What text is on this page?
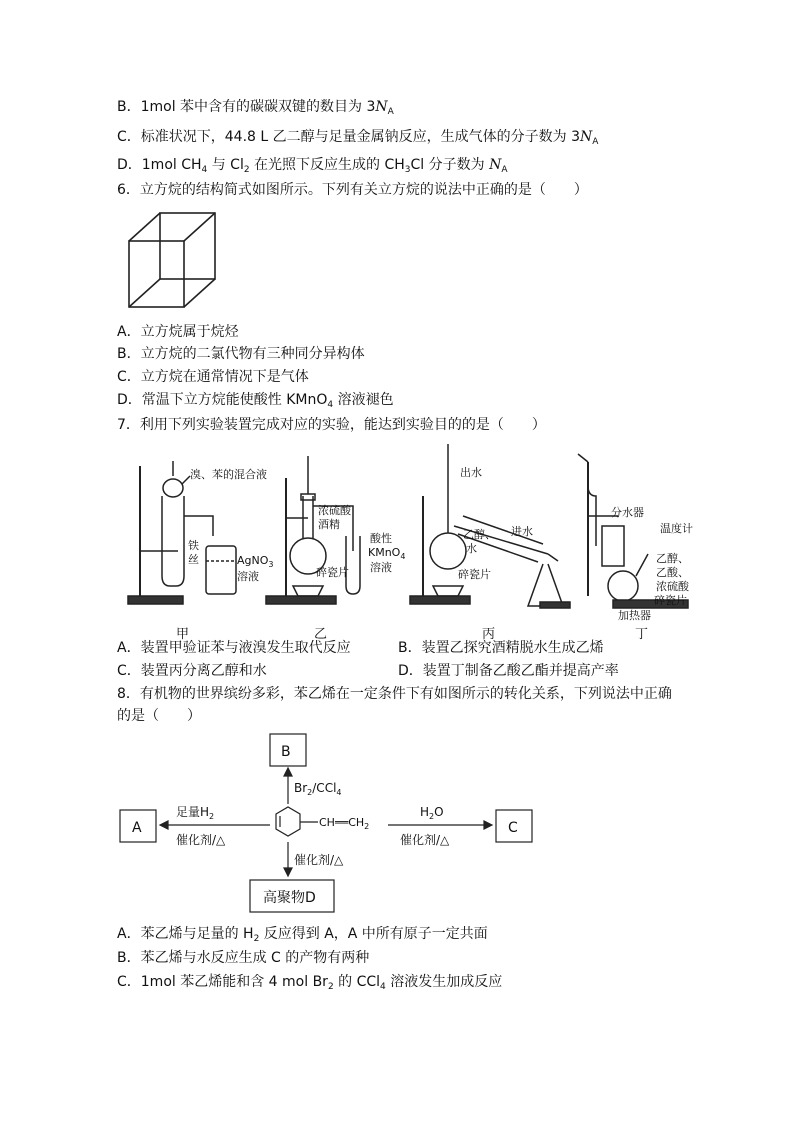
B．1mol 苯中含有的碳碳双键的数目为 $3N_A$
C．标准状况下，44.8 L 乙二醇与足量金属钠反应，生成气体的分子数为 $3N_A$
D．1mol $CH_4$ 与 $Cl_2$ 在光照下反应生成的 $CH_3Cl$ 分子数为 $N_A$
6．立方烷的结构简式如图所示。下列有关立方烷的说法中正确的是（　　）
A．立方烷属于烷烃
B．立方烷的二氯代物有三种同分异构体
C．立方烷在通常情况下是气体
D．常温下立方烷能使酸性 KMnO$_4$ 溶液褪色
7．利用下列实验装置完成对应的实验，能达到实验目的的是（　　）
溴、苯的混合液
铁
丝	AgNO$_3$
溶液
浓硫酸
酒精
碎瓷片
酸性
KMnO$_4$
溶液
出水
乙醇、
水
碎瓷片
进水
分水器
温度计
乙醇、
乙酸、
浓硫酸
碎瓷片
加热器
甲	乙	丙	丁
A．装置甲验证苯与液溴发生取代反应	B．装置乙探究酒精脱水生成乙烯
C．装置丙分离乙醇和水	D．装置丁制备乙酸乙酯并提高产率
8．有机物的世界缤纷多彩，苯乙烯在一定条件下有如图所示的转化关系，下列说法中正确
的是（　　）
B
A	C
高聚物D
$Br_2/CCl_4$
足量$H_2$
催化剂/△
$H_2O$
催化剂/△
催化剂/△
$CH══CH_2$
A．苯乙烯与足量的 $H_2$ 反应得到 A，A 中所有原子一定共面
B．苯乙烯与水反应生成 C 的产物有两种
C．1mol 苯乙烯能和含 4 mol $Br_2$ 的 CCl$_4$ 溶液发生加成反应
